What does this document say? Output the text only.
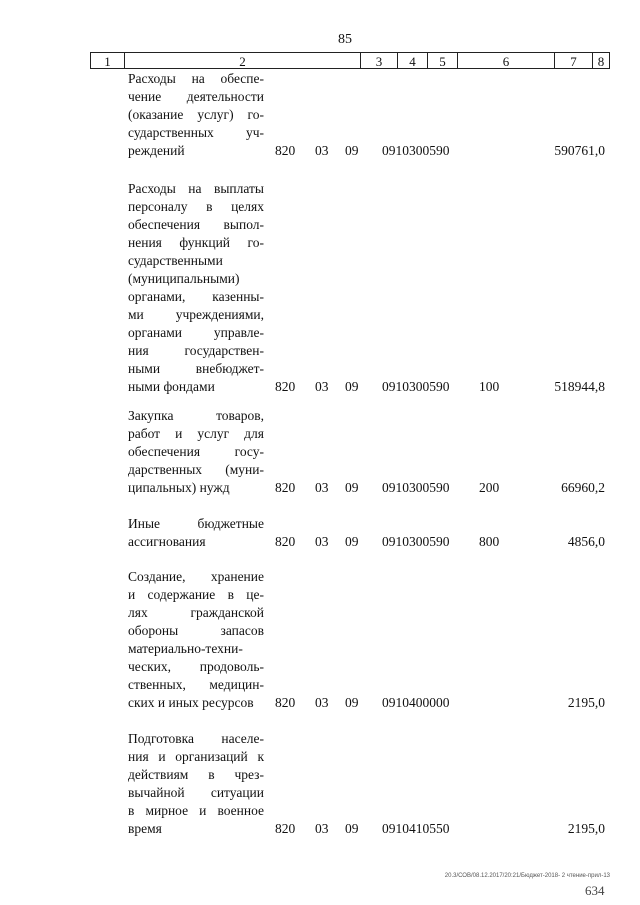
85
1	2	3	4	5	6	7	8
Расходы на обеспе-
чение деятельности
(оказание услуг) го-
сударственных уч-
реждений	820 03 09 0910300590	590761,0
Расходы на выплаты
персоналу в целях
обеспечения выпол-
нения функций го-
сударственными
(муниципальными)
органами, казенны-
ми учреждениями,
органами управле-
ния государствен-
ными внебюджет-
ными фондами	820 03 09 0910300590 100	518944,8
Закупка товаров,
работ и услуг для
обеспечения госу-
дарственных (муни-
ципальных) нужд	820 03 09 0910300590 200	66960,2
Иные бюджетные
ассигнования	820 03 09 0910300590 800	4856,0
Создание, хранение
и содержание в це-
лях гражданской
обороны запасов
материально-техни-
ческих, продоволь-
ственных, медицин-
ских и иных ресурсов	820 03 09 0910400000	2195,0
Подготовка населе-
ния и организаций к
действиям в чрез-
вычайной ситуации
в мирное и военное
время	820 03 09 0910410550	2195,0
20.3/СОВ/08.12.2017/20:21/Бюджет-2018- 2 чтение-прил-13
634
